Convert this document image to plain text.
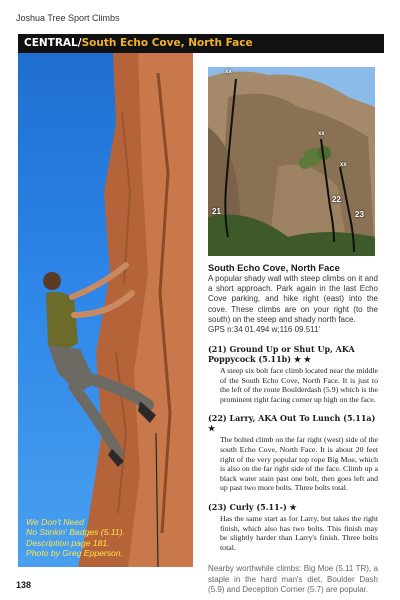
Joshua Tree Sport Climbs
CENTRAL/South Echo Cove, North Face
We Don't Need
No Stinkin' Badges (5.11).
Description page 181.
Photo by Greg Epperson.
xx
xx
xx
21
22
23
South Echo Cove, North Face

A popular shady wall with steep climbs on it and a short approach. Park again in the last Echo Cove parking, and hike right (east) into the cove. These climbs are on your right (to the south) on the steep and shady north face.

GPS n:34 01.494 w;116 09.511'

(21) Ground Up or Shut Up, AKA Poppycock (5.11b) ★ ★

A steep six bolt face climb located near the middle of the South Echo Cove, North Face. It is just to the left of the route Boulderdash (5.9) which is the prominent right facing corner up high on the face.

(22) Larry, AKA Out To Lunch (5.11a) ★

The bolted climb on the far right (west) side of the south Echo Cove, North Face. It is about 20 feet right of the very popular top rope Big Moe, which is also on the far right side of the face. Climb up a black water stain past one bolt, then goes left and up past two more bolts. Three bolts total.

(23) Curly (5.11-) ★

Has the same start as for Larry, but takes the right finish, which also has two bolts. This finish may be slightly harder than Larry's finish. Three bolts total.

Nearby worthwhile climbs: Big Moe (5.11 TR), a staple in the hard man's diet, Boulder Dash (5.9) and Deception Corner (5.7) are popular.

138
